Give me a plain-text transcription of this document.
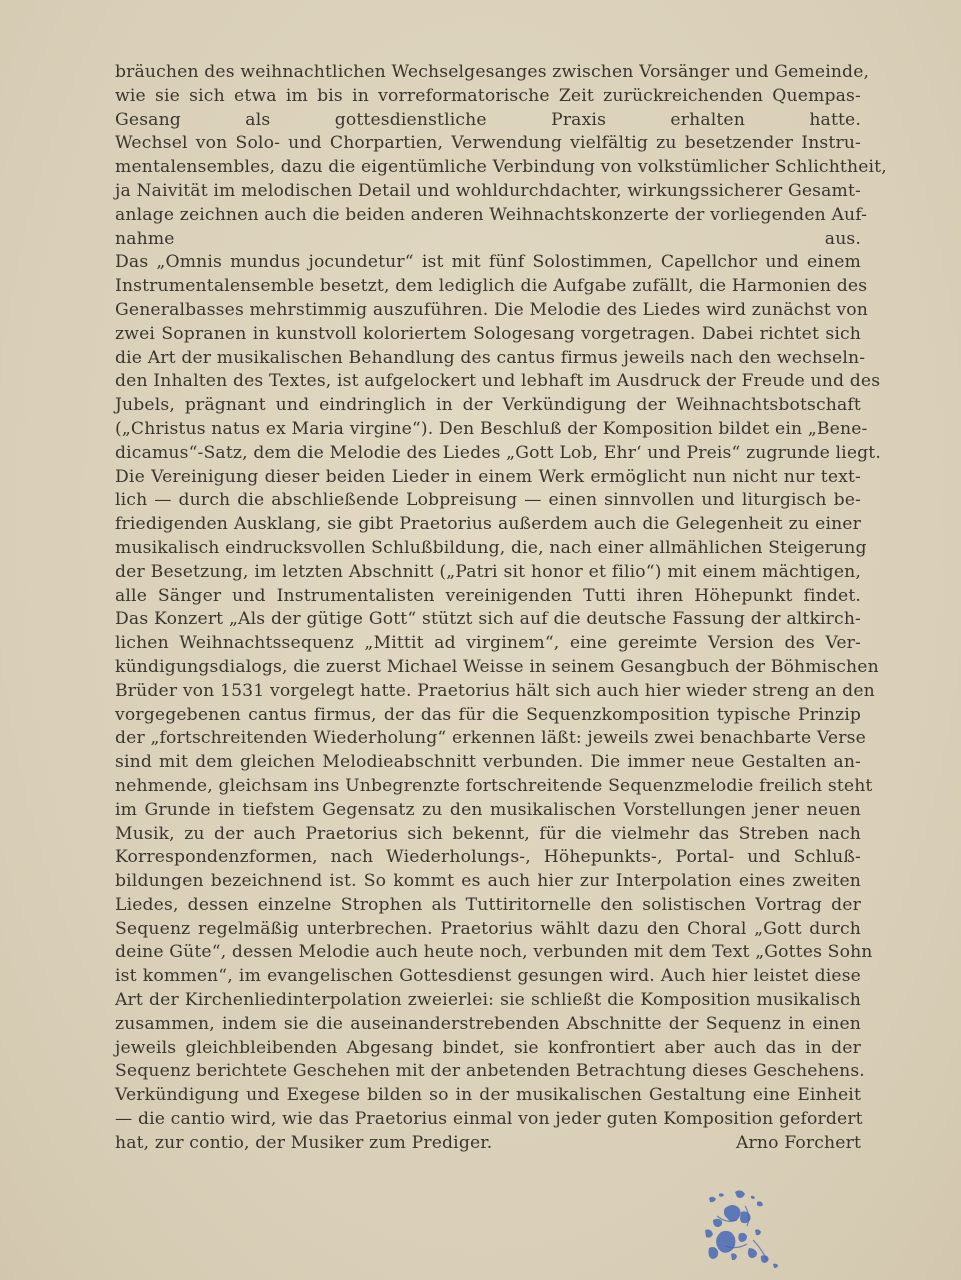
bräuchen des weihnachtlichen Wechselgesanges zwischen Vorsänger und Gemeinde,
wie sie sich etwa im bis in vorreformatorische Zeit zurückreichenden Quempas-
Gesang als gottesdienstliche Praxis erhalten hatte.
Wechsel von Solo- und Chorpartien, Verwendung vielfältig zu besetzender Instru-
mentalensembles, dazu die eigentümliche Verbindung von volkstümlicher Schlichtheit,
ja Naivität im melodischen Detail und wohldurchdachter, wirkungssicherer Gesamt-
anlage zeichnen auch die beiden anderen Weihnachtskonzerte der vorliegenden Auf-
nahme aus.
Das „Omnis mundus jocundetur“ ist mit fünf Solostimmen, Capellchor und einem
Instrumentalensemble besetzt, dem lediglich die Aufgabe zufällt, die Harmonien des
Generalbasses mehrstimmig auszuführen. Die Melodie des Liedes wird zunächst von
zwei Sopranen in kunstvoll koloriertem Sologesang vorgetragen. Dabei richtet sich
die Art der musikalischen Behandlung des cantus firmus jeweils nach den wechseln-
den Inhalten des Textes, ist aufgelockert und lebhaft im Ausdruck der Freude und des
Jubels, prägnant und eindringlich in der Verkündigung der Weihnachtsbotschaft
(„Christus natus ex Maria virgine“). Den Beschluß der Komposition bildet ein „Bene-
dicamus“-Satz, dem die Melodie des Liedes „Gott Lob, Ehr‘ und Preis“ zugrunde liegt.
Die Vereinigung dieser beiden Lieder in einem Werk ermöglicht nun nicht nur text-
lich — durch die abschließende Lobpreisung — einen sinnvollen und liturgisch be-
friedigenden Ausklang, sie gibt Praetorius außerdem auch die Gelegenheit zu einer
musikalisch eindrucksvollen Schlußbildung, die, nach einer allmählichen Steigerung
der Besetzung, im letzten Abschnitt („Patri sit honor et filio“) mit einem mächtigen,
alle Sänger und Instrumentalisten vereinigenden Tutti ihren Höhepunkt findet.
Das Konzert „Als der gütige Gott“ stützt sich auf die deutsche Fassung der altkirch-
lichen Weihnachtssequenz „Mittit ad virginem“, eine gereimte Version des Ver-
kündigungsdialogs, die zuerst Michael Weisse in seinem Gesangbuch der Böhmischen
Brüder von 1531 vorgelegt hatte. Praetorius hält sich auch hier wieder streng an den
vorgegebenen cantus firmus, der das für die Sequenzkomposition typische Prinzip
der „fortschreitenden Wiederholung“ erkennen läßt: jeweils zwei benachbarte Verse
sind mit dem gleichen Melodieabschnitt verbunden. Die immer neue Gestalten an-
nehmende, gleichsam ins Unbegrenzte fortschreitende Sequenzmelodie freilich steht
im Grunde in tiefstem Gegensatz zu den musikalischen Vorstellungen jener neuen
Musik, zu der auch Praetorius sich bekennt, für die vielmehr das Streben nach
Korrespondenzformen, nach Wiederholungs-, Höhepunkts-, Portal- und Schluß-
bildungen bezeichnend ist. So kommt es auch hier zur Interpolation eines zweiten
Liedes, dessen einzelne Strophen als Tuttiritornelle den solistischen Vortrag der
Sequenz regelmäßig unterbrechen. Praetorius wählt dazu den Choral „Gott durch
deine Güte“, dessen Melodie auch heute noch, verbunden mit dem Text „Gottes Sohn
ist kommen“, im evangelischen Gottesdienst gesungen wird. Auch hier leistet diese
Art der Kirchenliedinterpolation zweierlei: sie schließt die Komposition musikalisch
zusammen, indem sie die auseinanderstrebenden Abschnitte der Sequenz in einen
jeweils gleichbleibenden Abgesang bindet, sie konfrontiert aber auch das in der
Sequenz berichtete Geschehen mit der anbetenden Betrachtung dieses Geschehens.
Verkündigung und Exegese bilden so in der musikalischen Gestaltung eine Einheit
— die cantio wird, wie das Praetorius einmal von jeder guten Komposition gefordert
hat, zur contio, der Musiker zum Prediger.	Arno Forchert
